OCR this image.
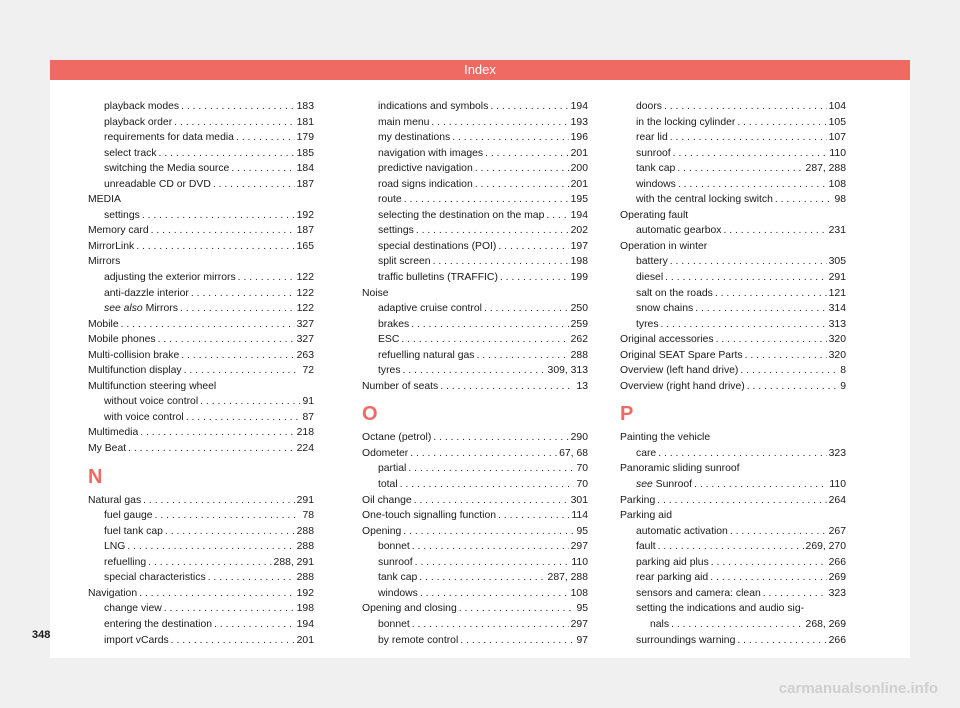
Index
playback modes . . .	183
playback order . . .	181
requirements for data media . . .	179
select track . . .	185
switching the Media source . . .	184
unreadable CD or DVD . . .	187
MEDIA
settings . . .	192
Memory card . . .	187
MirrorLink . . .	165
Mirrors
adjusting the exterior mirrors . . .	122
anti-dazzle interior . . .	122
see also Mirrors . . .	122
Mobile . . .	327
Mobile phones . . .	327
Multi-collision brake . . .	263
Multifunction display . . .	72
Multifunction steering wheel
without voice control . . .	91
with voice control . . .	87
Multimedia . . .	218
My Beat . . .	224
N
Natural gas . . .	291
fuel gauge . . .	78
fuel tank cap . . .	288
LNG . . .	288
refuelling . . .	288, 291
special characteristics . . .	288
Navigation . . .	192
change view . . .	198
entering the destination . . .	194
import vCards . . .	201
indications and symbols . . .	194
main menu . . .	193
my destinations . . .	196
navigation with images . . .	201
predictive navigation . . .	200
road signs indication . . .	201
route . . .	195
selecting the destination on the map . . .	194
settings . . .	202
special destinations (POI) . . .	197
split screen . . .	198
traffic bulletins (TRAFFIC) . . .	199
Noise
adaptive cruise control . . .	250
brakes . . .	259
ESC . . .	262
refuelling natural gas . . .	288
tyres . . .	309, 313
Number of seats . . .	13
O
Octane (petrol) . . .	290
Odometer . . .	67, 68
partial . . .	70
total . . .	70
Oil change . . .	301
One-touch signalling function . . .	114
Opening . . .	95
bonnet . . .	297
sunroof . . .	110
tank cap . . .	287, 288
windows . . .	108
Opening and closing . . .	95
bonnet . . .	297
by remote control . . .	97
doors . . .	104
in the locking cylinder . . .	105
rear lid . . .	107
sunroof . . .	110
tank cap . . .	287, 288
windows . . .	108
with the central locking switch . . .	98
Operating fault
automatic gearbox . . .	231
Operation in winter
battery . . .	305
diesel . . .	291
salt on the roads . . .	121
snow chains . . .	314
tyres . . .	313
Original accessories . . .	320
Original SEAT Spare Parts . . .	320
Overview (left hand drive) . . .	8
Overview (right hand drive) . . .	9
P
Painting the vehicle
care . . .	323
Panoramic sliding sunroof
see Sunroof . . .	110
Parking . . .	264
Parking aid
automatic activation . . .	267
fault . . .	269, 270
parking aid plus . . .	266
rear parking aid . . .	269
sensors and camera: clean . . .	323
setting the indications and audio sig-
nals . . .	268, 269
surroundings warning . . .	266
348
carmanualsonline.info
